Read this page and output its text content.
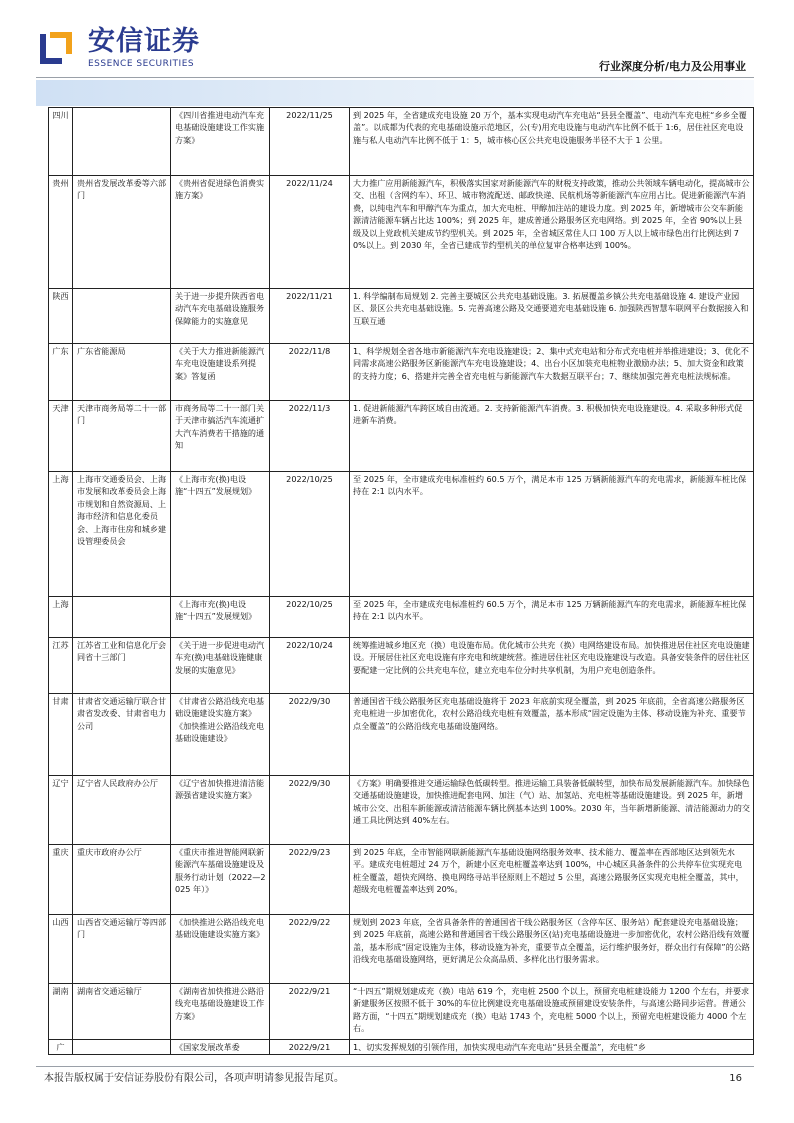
安信证券
ESSENCE SECURITIES	行业深度分析/电力及公用事业
四川		《四川省推进电动汽车充电基础设施建设工作实施方案》	2022/11/25	到 2025 年，全省建成充电设施 20 万个，基本实现电动汽车充电站“县县全覆盖”、电动汽车充电桩“乡乡全覆盖”。以成都为代表的充电基础设施示范地区，公(专)用充电设施与电动汽车比例不低于 1:6，居住社区充电设施与私人电动汽车比例不低于 1：5，城市核心区公共充电设施服务半径不大于 1 公里。
贵州	贵州省发展改革委等六部门	《贵州省促进绿色消费实施方案》	2022/11/24	大力推广应用新能源汽车，积极落实国家对新能源汽车的财税支持政策，推动公共领域车辆电动化，提高城市公交、出租（含网约车）、环卫、城市物流配送、邮政快递、民航机场等新能源汽车应用占比。促进新能源汽车消费，以纯电汽车和甲醇汽车为重点，加大充电桩、甲醇加注站的建设力度。到 2025 年，新增城市公交车新能源清洁能源车辆占比达 100%；到 2025 年，建成普通公路服务区充电网络。到 2025 年，全省 90%以上县级及以上党政机关建成节约型机关。到 2025 年，全省城区常住人口 100 万人以上城市绿色出行比例达到 70%以上。到 2030 年，全省已建成节约型机关的单位复审合格率达到 100%。
陕西		关于进一步提升陕西省电动汽车充电基础设施服务保障能力的实施意见	2022/11/21	1. 科学编制布局规划 2. 完善主要城区公共充电基础设施。3. 拓展覆盖乡镇公共充电基础设施 4. 建设产业园区、景区公共充电基础设施。5. 完善高速公路及交通要道充电基础设施 6. 加强陕西智慧车联网平台数据接入和互联互通
广东	广东省能源局	《关于大力推进新能源汽车充电设施建设系列提案》答复函	2022/11/8	1、科学规划全省各地市新能源汽车充电设施建设；2、集中式充电站和分布式充电桩并举推进建设；3、优化不同需求高速公路服务区新能源汽车充电设施建设；4、出台小区加装充电桩物业激励办法；5、加大资金和政策的支持力度；6、搭建并完善全省充电桩与新能源汽车大数据互联平台；7、继续加强完善充电桩法规标准。
天津	天津市商务局等二十一部门	市商务局等二十一部门关于天津市搞活汽车流通扩大汽车消费若干措施的通知	2022/11/3	1. 促进新能源汽车跨区域自由流通。2. 支持新能源汽车消费。3. 积极加快充电设施建设。4. 采取多种形式促进新车消费。
上海	上海市交通委员会、上海市发展和改革委员会上海市规划和自然资源局、上海市经济和信息化委员会、上海市住房和城乡建设管理委员会	《上海市充(换)电设施“十四五”发展规划》	2022/10/25	至 2025 年，全市建成充电标准桩约 60.5 万个，满足本市 125 万辆新能源汽车的充电需求，新能源车桩比保持在 2:1 以内水平。
上海		《上海市充(换)电设施“十四五”发展规划》	2022/10/25	至 2025 年，全市建成充电标准桩约 60.5 万个，满足本市 125 万辆新能源汽车的充电需求，新能源车桩比保持在 2:1 以内水平。
江苏	江苏省工业和信息化厅会同省十三部门	《关于进一步促进电动汽车充(换)电基础设施健康发展的实施意见》	2022/10/24	统筹推进城乡地区充（换）电设施布局。优化城市公共充（换）电网络建设布局。加快推进居住社区充电设施建设。开展居住社区充电设施有序充电和统建统营。推进居住社区充电设施建设与改造。具备安装条件的居住社区要配建一定比例的公共充电车位，建立充电车位分时共享机制，为用户充电创造条件。
甘肃	甘肃省交通运输厅联合甘肃省发改委、甘肃省电力公司	《甘肃省公路沿线充电基础设施建设实施方案》 《加快推进公路沿线充电基础设施建设》	2022/9/30	普通国省干线公路服务区充电基础设施将于 2023 年底前实现全覆盖，到 2025 年底前，全省高速公路服务区充电桩进一步加密优化，农村公路沿线充电桩有效覆盖，基本形成“固定设施为主体、移动设施为补充、重要节点全覆盖”的公路沿线充电基础设施网络。
辽宁	辽宁省人民政府办公厅	《辽宁省加快推进清洁能源强省建设实施方案》	2022/9/30	《方案》明确要推进交通运输绿色低碳转型。推进运输工具装备低碳转型，加快布局发展新能源汽车。加快绿色交通基础设施建设，加快推进配套电网、加注（气）站、加氢站、充电桩等基础设施建设。到 2025 年，新增城市公交、出租车新能源或清洁能源车辆比例基本达到 100%。2030 年，当年新增新能源、清洁能源动力的交通工具比例达到 40%左右。
重庆	重庆市政府办公厅	《重庆市推进智能网联新能源汽车基础设施建设及服务行动计划（2022—2025 年）》	2022/9/23	到 2025 年底，全市智能网联新能源汽车基础设施网络服务效率、技术能力、覆盖率在西部地区达到领先水平。建成充电桩超过 24 万个，新建小区充电桩覆盖率达到 100%，中心城区具备条件的公共停车位实现充电桩全覆盖，超快充网络、换电网络寻站半径原则上不超过 5 公里，高速公路服务区实现充电桩全覆盖，其中，超级充电桩覆盖率达到 20%。
山西	山西省交通运输厅等四部门	《加快推进公路沿线充电基础设施建设实施方案》	2022/9/22	规划到 2023 年底，全省具备条件的普通国省干线公路服务区（含停车区、服务站）配套建设充电基础设施；到 2025 年底前，高速公路和普通国省干线公路服务区(站)充电基础设施进一步加密优化，农村公路沿线有效覆盖，基本形成“固定设施为主体，移动设施为补充，重要节点全覆盖，运行维护服务好，群众出行有保障”的公路沿线充电基础设施网络，更好满足公众高品质、多样化出行服务需求。
湖南	湖南省交通运输厅	《湖南省加快推进公路沿线充电基础设施建设工作方案》	2022/9/21	“十四五”期规划建成充（换）电站 619 个，充电桩 2500 个以上，预留充电桩建设能力 1200 个左右，并要求新建服务区按照不低于 30%的车位比例建设充电基础设施或预留建设安装条件，与高速公路同步运营。普通公路方面，“十四五”期规划建成充（换）电站 1743 个，充电桩 5000 个以上，预留充电桩建设能力 4000 个左右。
广		《国家发展改革委	2022/9/21	1、切实发挥规划的引领作用，加快实现电动汽车充电站“县县全覆盖”，充电桩“乡
本报告版权属于安信证券股份有限公司，各项声明请参见报告尾页。	16
